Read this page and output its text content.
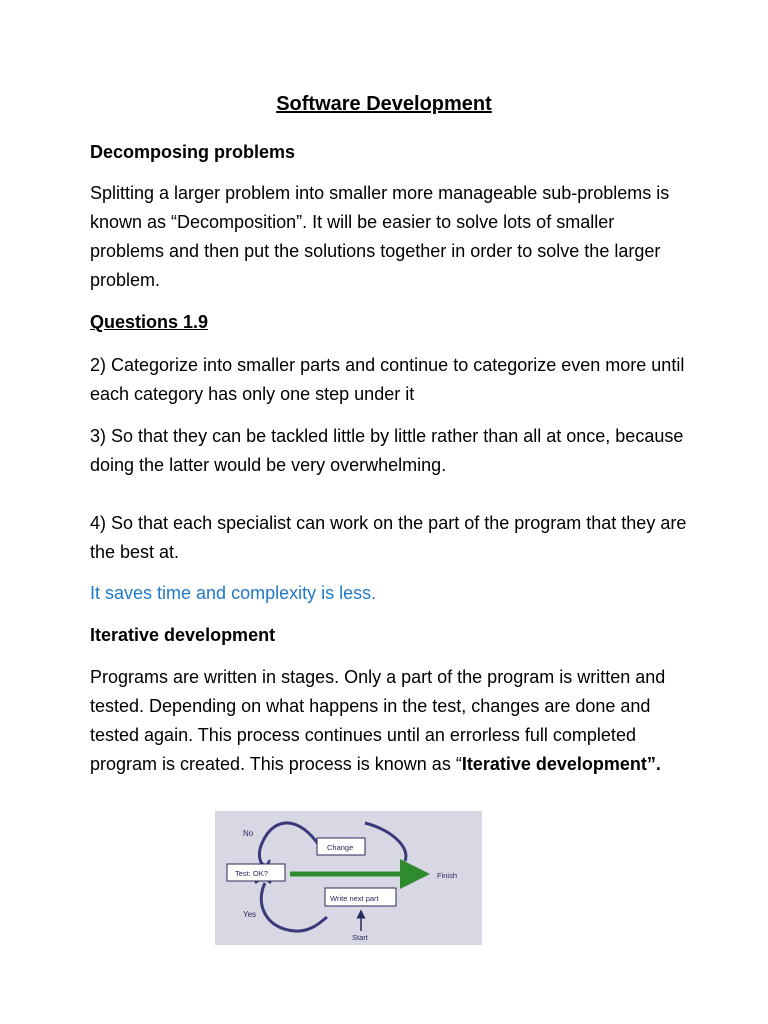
Software Development
Decomposing problems
Splitting a larger problem into smaller more manageable sub-problems is known as “Decomposition”. It will be easier to solve lots of smaller problems and then put the solutions together in order to solve the larger problem.
Questions 1.9
2) Categorize into smaller parts and continue to categorize even more until each category has only one step under it
3) So that they can be tackled little by little rather than all at once, because doing the latter would be very overwhelming.
4) So that each specialist can work on the part of the program that they are the best at.
It saves time and complexity is less.
Iterative development
Programs are written in stages. Only a part of the program is written and tested. Depending on what happens in the test, changes are done and tested again. This process continues until an errorless full completed program is created. This process is known as “Iterative development”.
No
Change
Test: OK?
Write next part
Finish
Yes
Start
